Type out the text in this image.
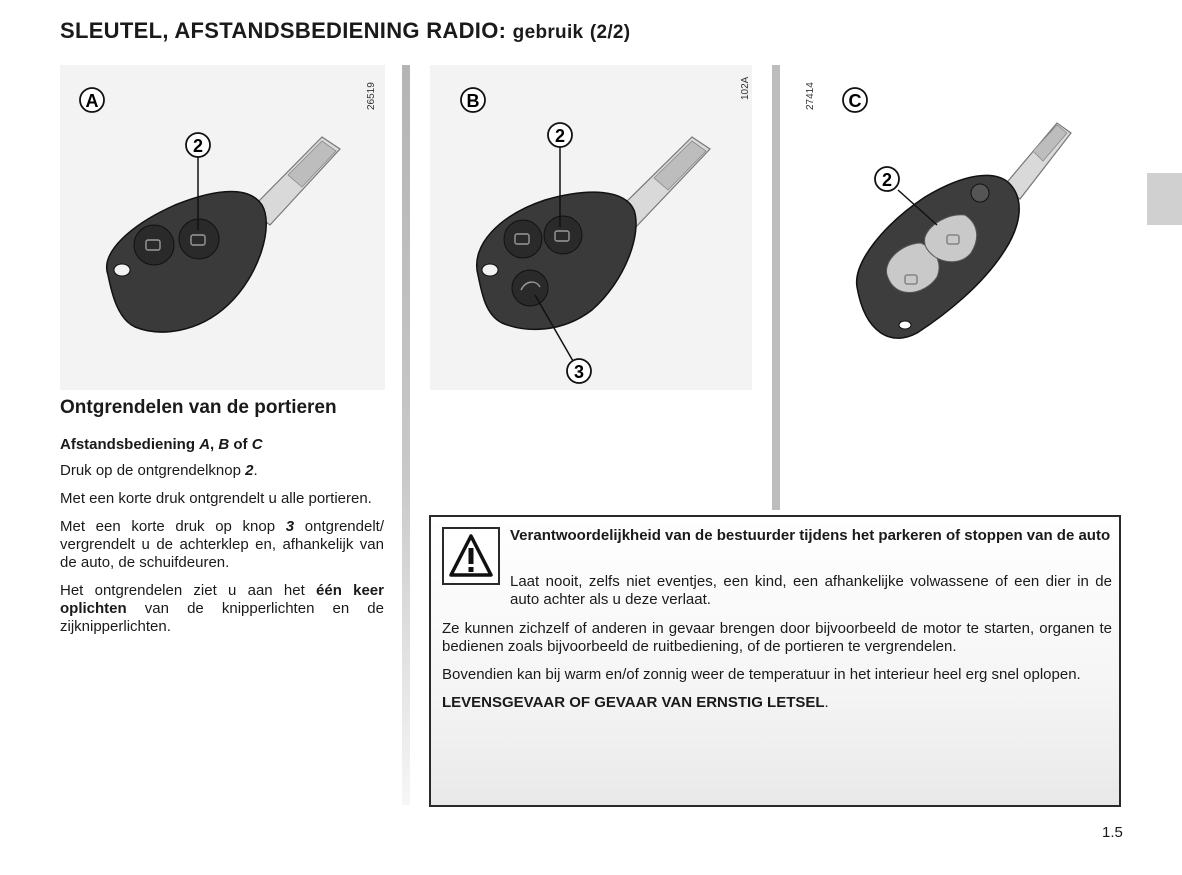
SLEUTEL, AFSTANDSBEDIENING RADIO: gebruik (2/2)
2
A	26519
2
3
B
102A
2
C
27414
Ontgrendelen van de portieren

Afstandsbediening A, B of C

Druk op de ontgrendelknop 2.

Met een korte druk ontgrendelt u alle portieren.

Met een korte druk op knop 3 ontgrendelt/ vergrendelt u de achterklep en, afhankelijk van de auto, de schuifdeuren.

Het ontgrendelen ziet u aan het één keer oplichten van de knipperlichten en de zijknipperlichten.

Verantwoordelijkheid van de bestuurder tijdens het parkeren of stoppen van de auto
Laat nooit, zelfs niet eventjes, een kind, een afhankelijke volwassene of een dier in de auto achter als u deze verlaat.

Ze kunnen zichzelf of anderen in gevaar brengen door bijvoorbeeld de motor te starten, organen te bedienen zoals bijvoorbeeld de ruitbediening, of de portieren te vergrendelen.

Bovendien kan bij warm en/of zonnig weer de temperatuur in het interieur heel erg snel oplopen.

LEVENSGEVAAR OF GEVAAR VAN ERNSTIG LETSEL.

1.5
